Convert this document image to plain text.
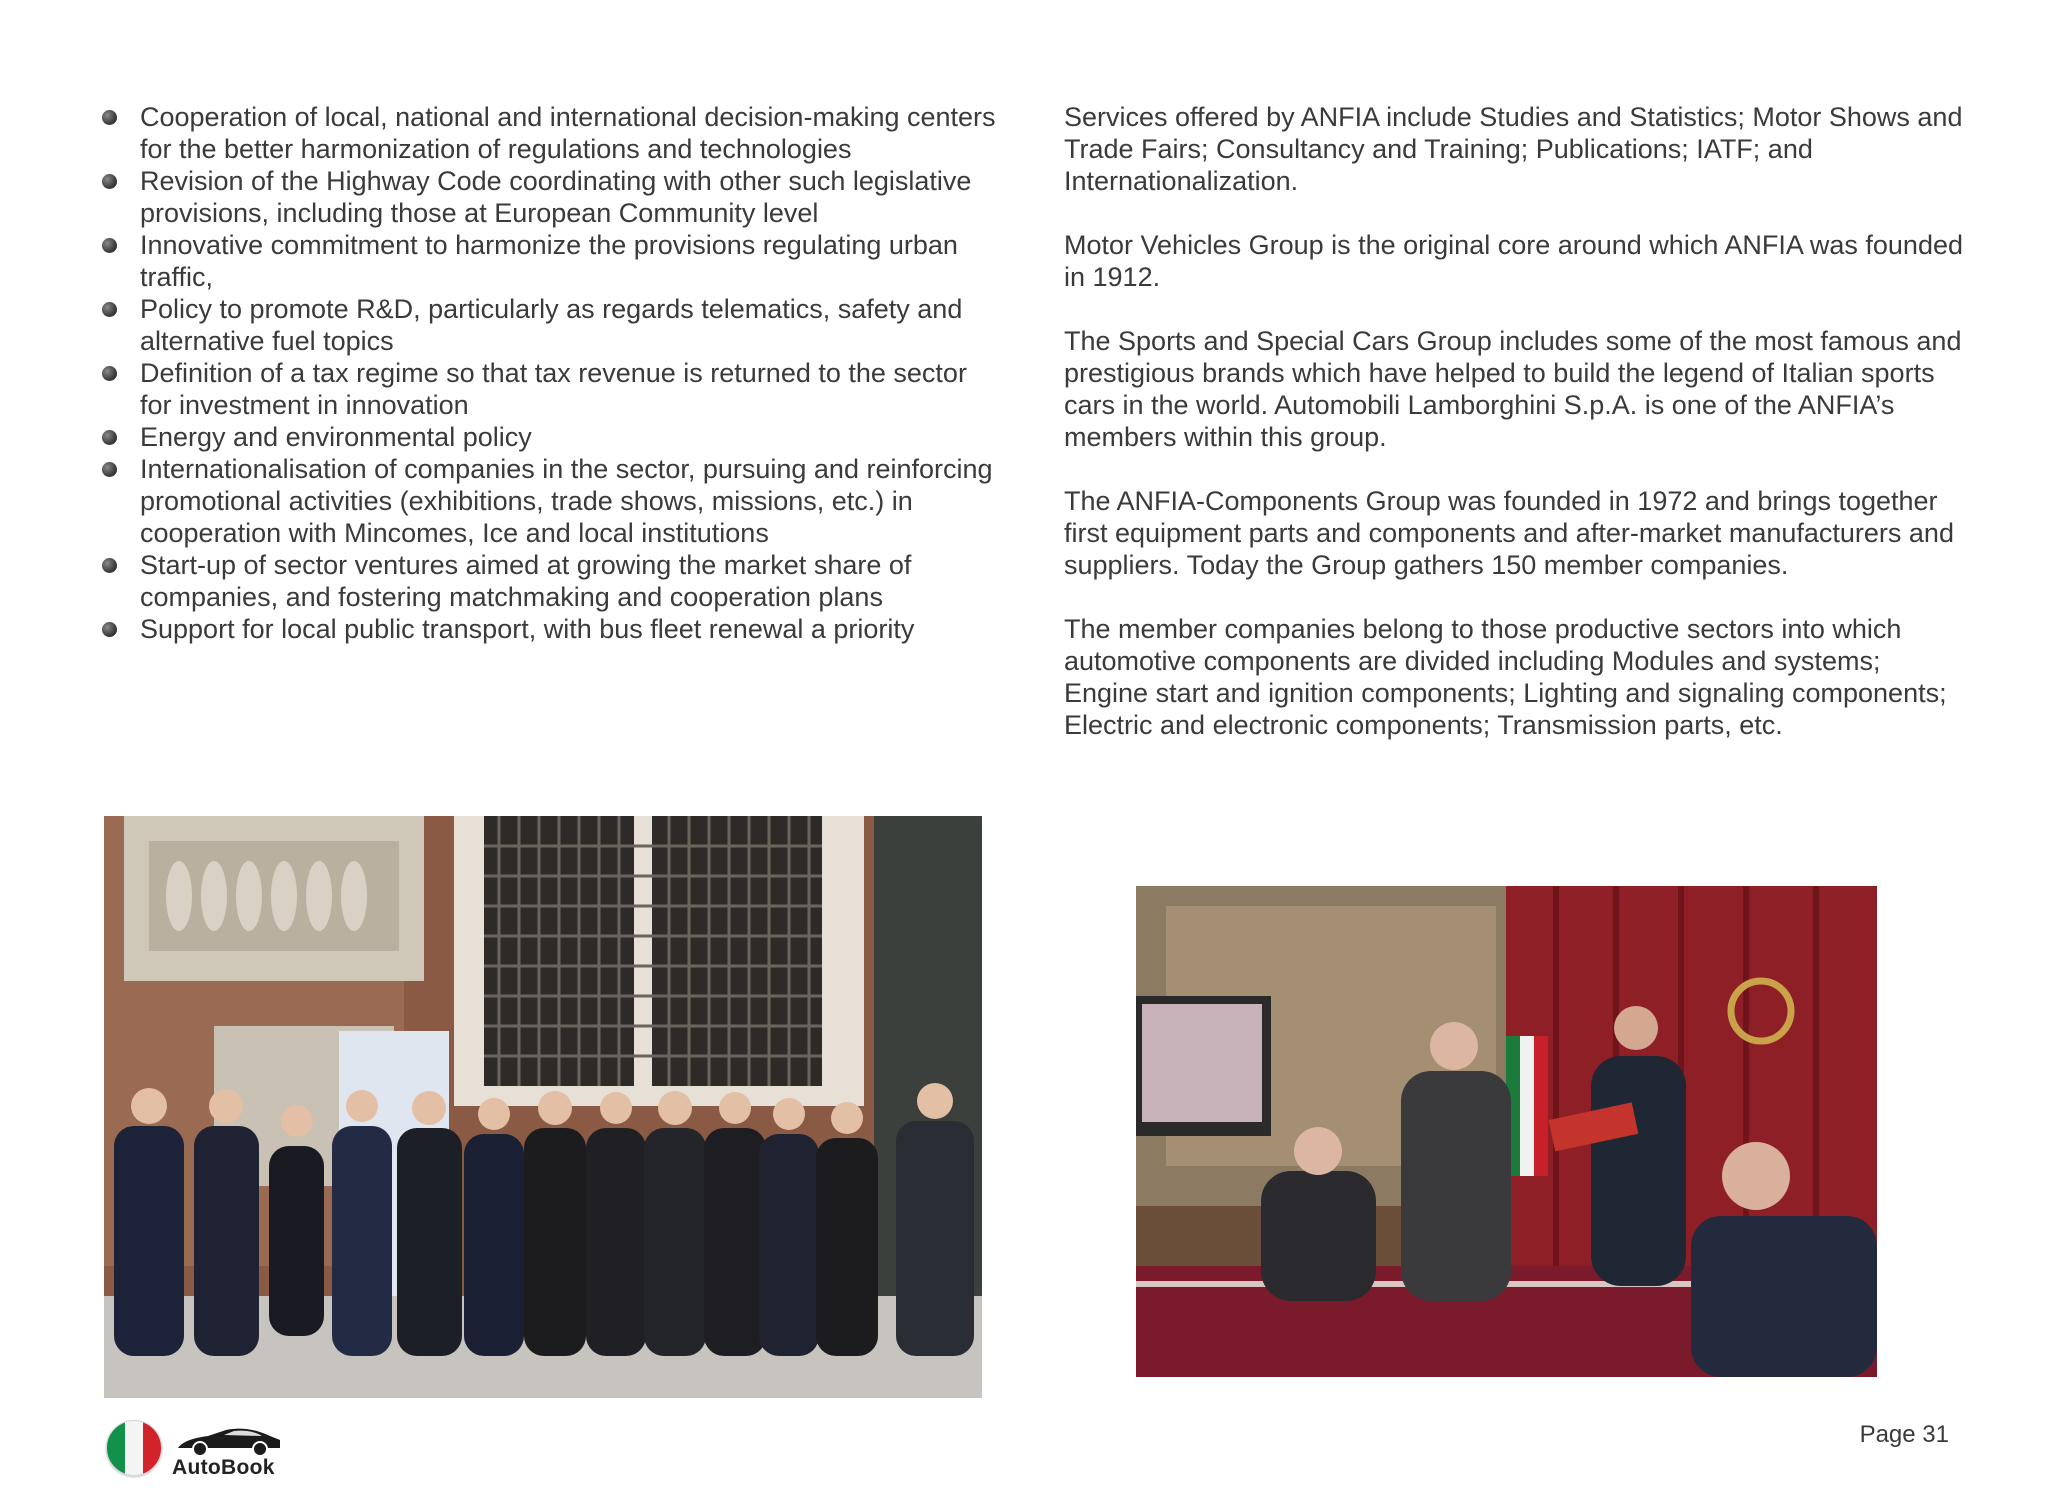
Cooperation of local, national and international decision-making centers for the better harmonization of regulations and technologies
Revision of the Highway Code coordinating with other such legislative provisions, including those at European Community level
Innovative commitment to harmonize the provisions regulating urban traffic,
Policy to promote R&D, particularly as regards telematics, safety and alternative fuel topics
Definition of a tax regime so that tax revenue is returned to the sector for investment in innovation
Energy and environmental policy
Internationalisation of companies in the sector, pursuing and reinforcing promotional activities (exhibitions, trade shows, missions, etc.) in cooperation with Mincomes, Ice and local institutions
Start-up of sector ventures aimed at growing the market share of companies, and fostering matchmaking and cooperation plans
Support for local public transport, with bus fleet renewal a priority

Services offered by ANFIA include Studies and Statistics; Motor Shows and Trade Fairs; Consultancy and Training; Publications; IATF; and Internationalization.

Motor Vehicles Group is the original core around which ANFIA was founded in 1912.

The Sports and Special Cars Group includes some of the most famous and prestigious brands which have helped to build the legend of Italian sports cars in the world. Automobili Lamborghini S.p.A. is one of the ANFIA’s members within this group.

The ANFIA-Components Group was founded in 1972 and brings together first equipment parts and components and after-market manufacturers and suppliers. Today the Group gathers 150 member companies.

The member companies belong to those productive sectors into which automotive components are divided including Modules and systems; Engine start and ignition components; Lighting and signaling components; Electric and electronic components; Transmission parts, etc.

AutoBook
Page 31
